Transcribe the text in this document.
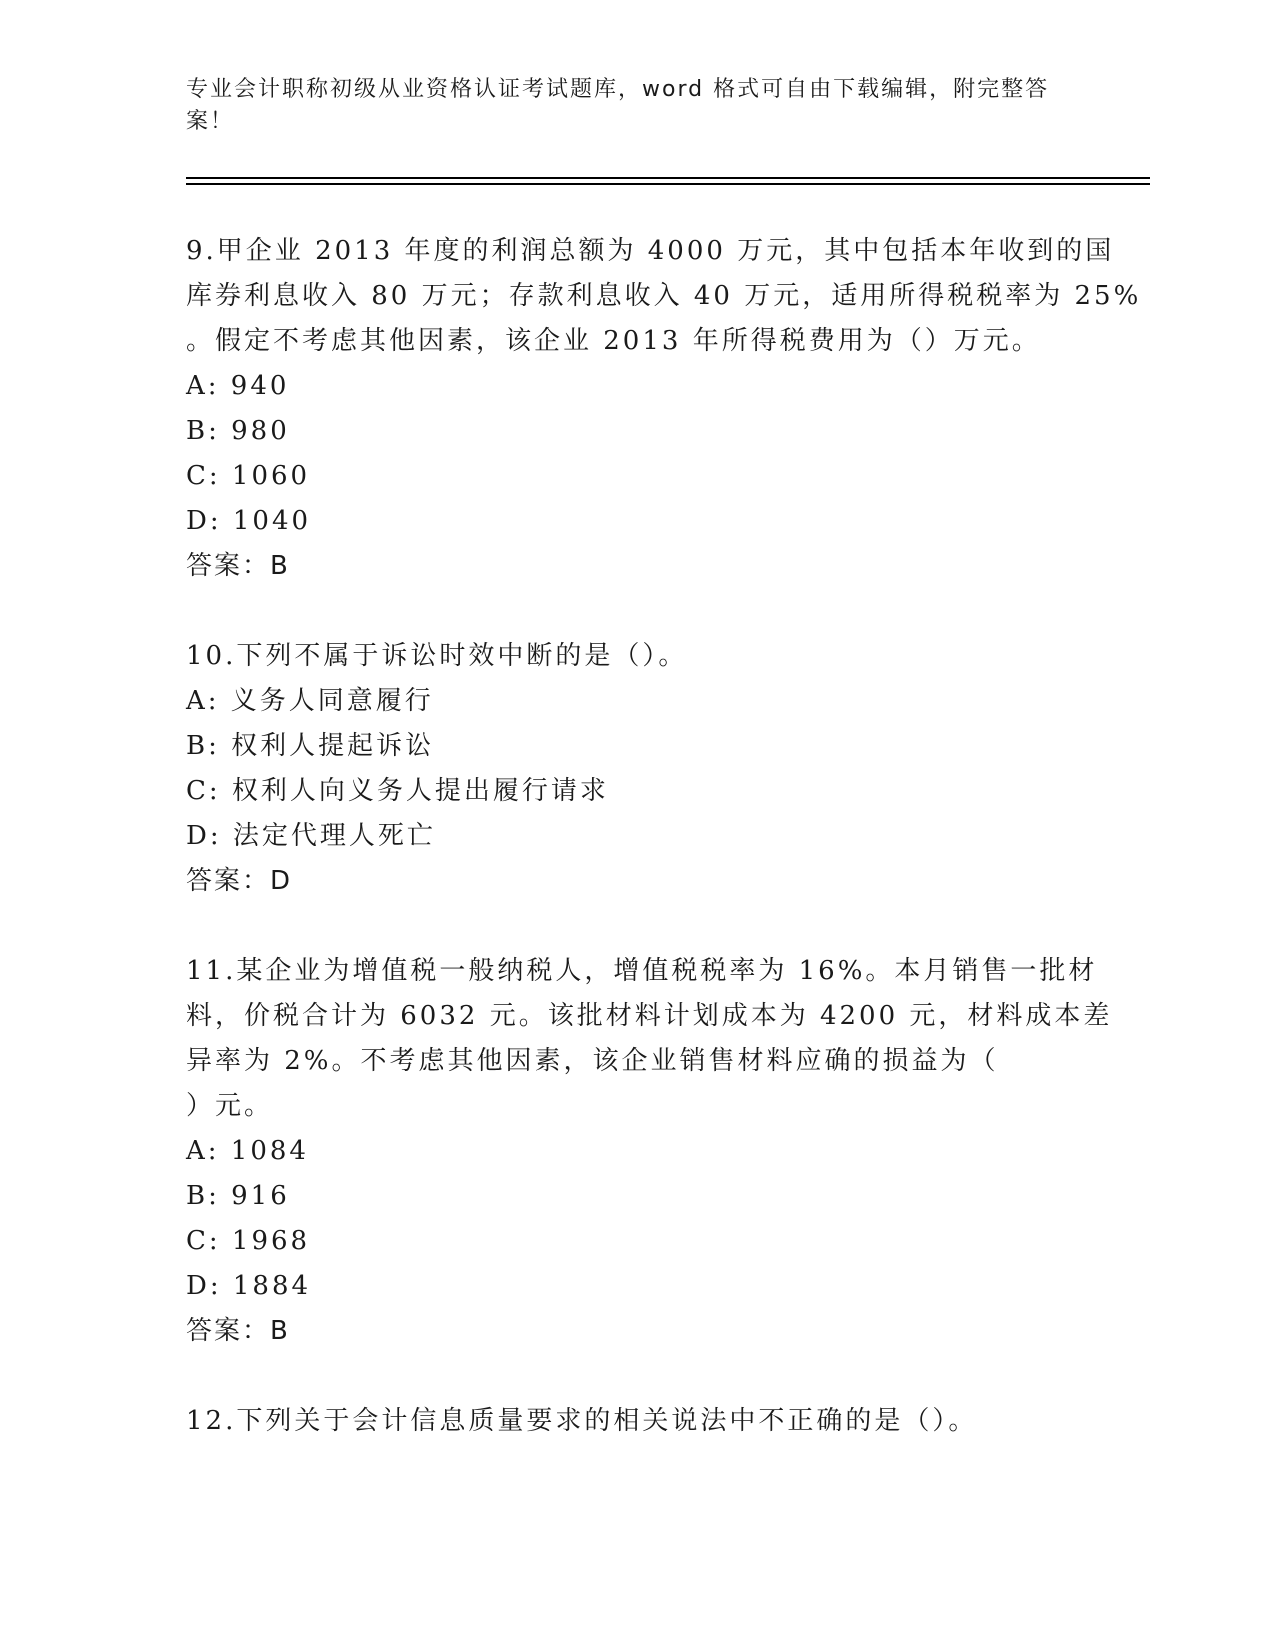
专业会计职称初级从业资格认证考试题库，word 格式可自由下载编辑，附完整答案！
9.甲企业 2013 年度的利润总额为 4000 万元，其中包括本年收到的国
库券利息收入 80 万元；存款利息收入 40 万元，适用所得税税率为 25%
。假定不考虑其他因素，该企业 2013 年所得税费用为（）万元。
A: 940
B: 980
C: 1060
D: 1040
答案：B
10.下列不属于诉讼时效中断的是（）。
A: 义务人同意履行
B: 权利人提起诉讼
C: 权利人向义务人提出履行请求
D: 法定代理人死亡
答案：D
11.某企业为增值税一般纳税人，增值税税率为 16%。本月销售一批材
料，价税合计为 6032 元。该批材料计划成本为 4200 元，材料成本差
异率为 2%。不考虑其他因素，该企业销售材料应确的损益为（
）元。
A: 1084
B: 916
C: 1968
D: 1884
答案：B
12.下列关于会计信息质量要求的相关说法中不正确的是（）。
